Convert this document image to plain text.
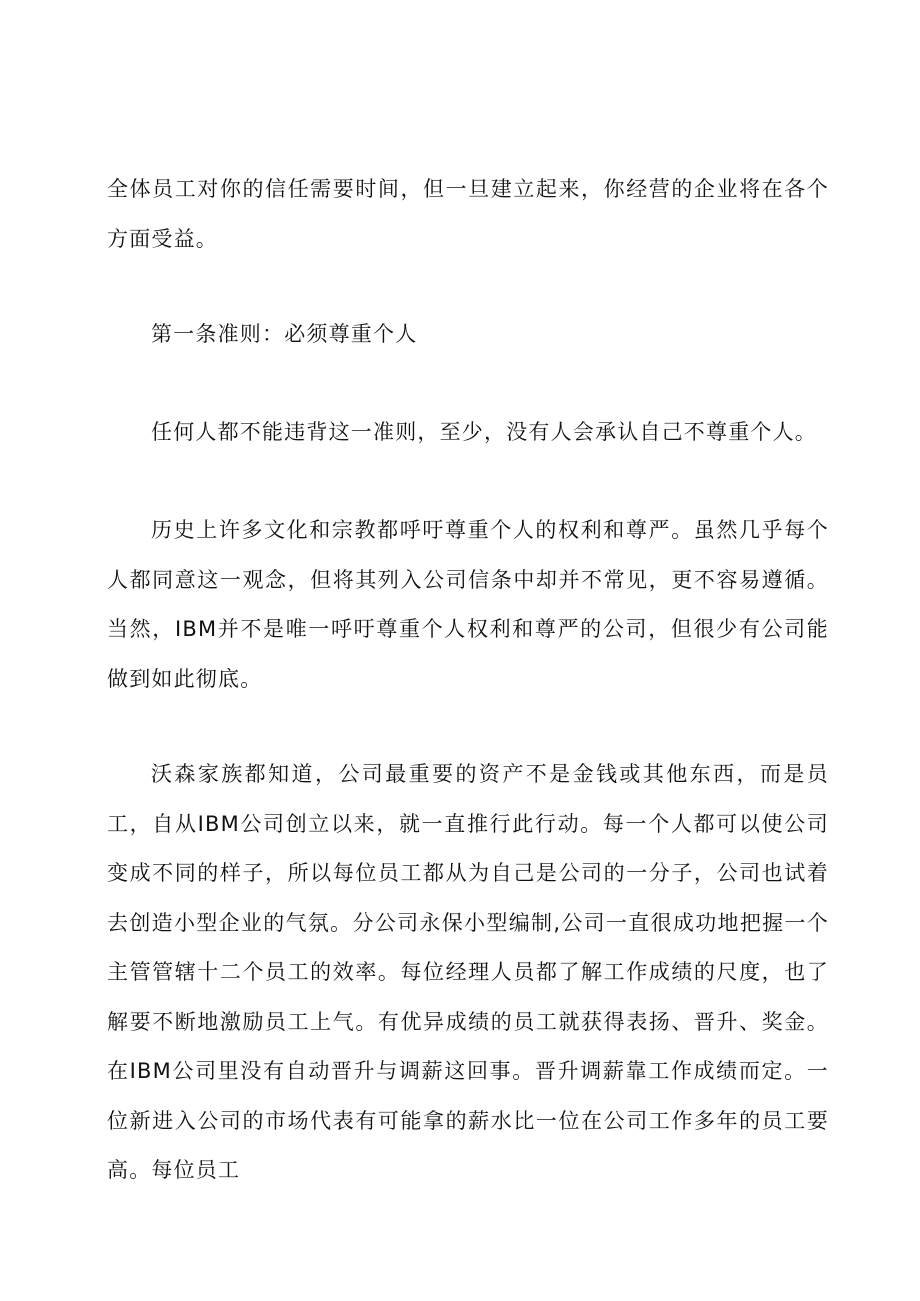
全体员工对你的信任需要时间，但一旦建立起来，你经营的企业将在各个方面受益。

第一条准则：必须尊重个人

任何人都不能违背这一准则，至少，没有人会承认自己不尊重个人。

历史上许多文化和宗教都呼吁尊重个人的权利和尊严。虽然几乎每个人都同意这一观念，但将其列入公司信条中却并不常见，更不容易遵循。当然，IBM并不是唯一呼吁尊重个人权利和尊严的公司，但很少有公司能做到如此彻底。

沃森家族都知道，公司最重要的资产不是金钱或其他东西，而是员工，自从IBM公司创立以来，就一直推行此行动。每一个人都可以使公司变成不同的样子，所以每位员工都从为自己是公司的一分子，公司也试着去创造小型企业的气氛。分公司永保小型编制,公司一直很成功地把握一个主管管辖十二个员工的效率。每位经理人员都了解工作成绩的尺度，也了解要不断地激励员工上气。有优异成绩的员工就获得表扬、晋升、奖金。在IBM公司里没有自动晋升与调薪这回事。晋升调薪靠工作成绩而定。一位新进入公司的市场代表有可能拿的薪水比一位在公司工作多年的员工要高。每位员工
